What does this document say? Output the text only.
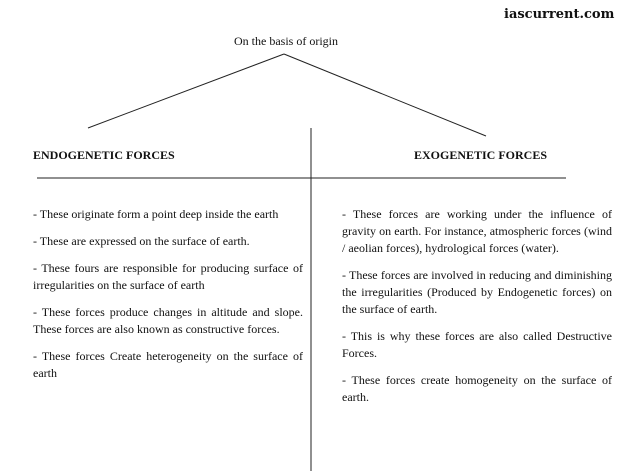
iascurrent.com
On the basis of origin
ENDOGENETIC FORCES	EXOGENETIC FORCES

- These originate form a point deep inside the earth

- These are expressed on the surface of earth.

- These fours are responsible for producing surface of irregularities on the surface of earth

- These forces produce changes in altitude and slope. These forces are also known as constructive forces.

- These forces Create heterogeneity on the surface of earth

- These forces are working under the influence of gravity on earth. For instance, atmospheric forces (wind / aeolian forces), hydrological forces (water).

- These forces are involved in reducing and diminishing the irregularities (Produced by Endogenetic forces) on the surface of earth.

- This is why these forces are also called Destructive Forces.

- These forces create homogeneity on the surface of earth.
